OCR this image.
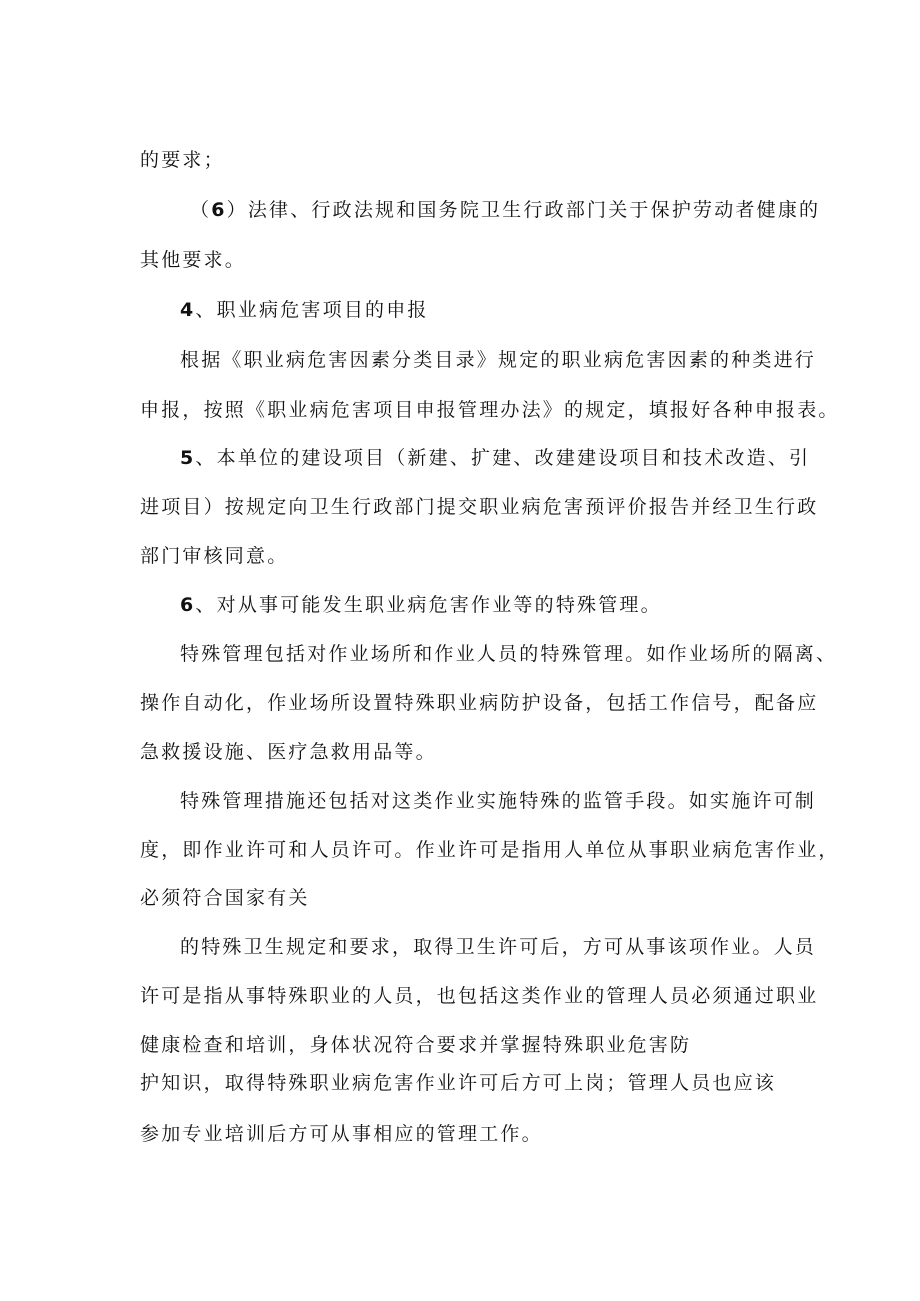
的要求；

（6）法律、行政法规和国务院卫生行政部门关于保护劳动者健康的

其他要求。

4、职业病危害项目的申报

根据《职业病危害因素分类目录》规定的职业病危害因素的种类进行

申报，按照《职业病危害项目申报管理办法》的规定，填报好各种申报表。

5、本单位的建设项目（新建、扩建、改建建设项目和技术改造、引

进项目）按规定向卫生行政部门提交职业病危害预评价报告并经卫生行政

部门审核同意。

6、对从事可能发生职业病危害作业等的特殊管理。

特殊管理包括对作业场所和作业人员的特殊管理。如作业场所的隔离、

操作自动化，作业场所设置特殊职业病防护设备，包括工作信号，配备应

急救援设施、医疗急救用品等。

特殊管理措施还包括对这类作业实施特殊的监管手段。如实施许可制

度，即作业许可和人员许可。作业许可是指用人单位从事职业病危害作业，

必须符合国家有关

的特殊卫生规定和要求，取得卫生许可后，方可从事该项作业。人员

许可是指从事特殊职业的人员，也包括这类作业的管理人员必须通过职业

健康检查和培训，身体状况符合要求并掌握特殊职业危害防

护知识，取得特殊职业病危害作业许可后方可上岗；管理人员也应该

参加专业培训后方可从事相应的管理工作。
